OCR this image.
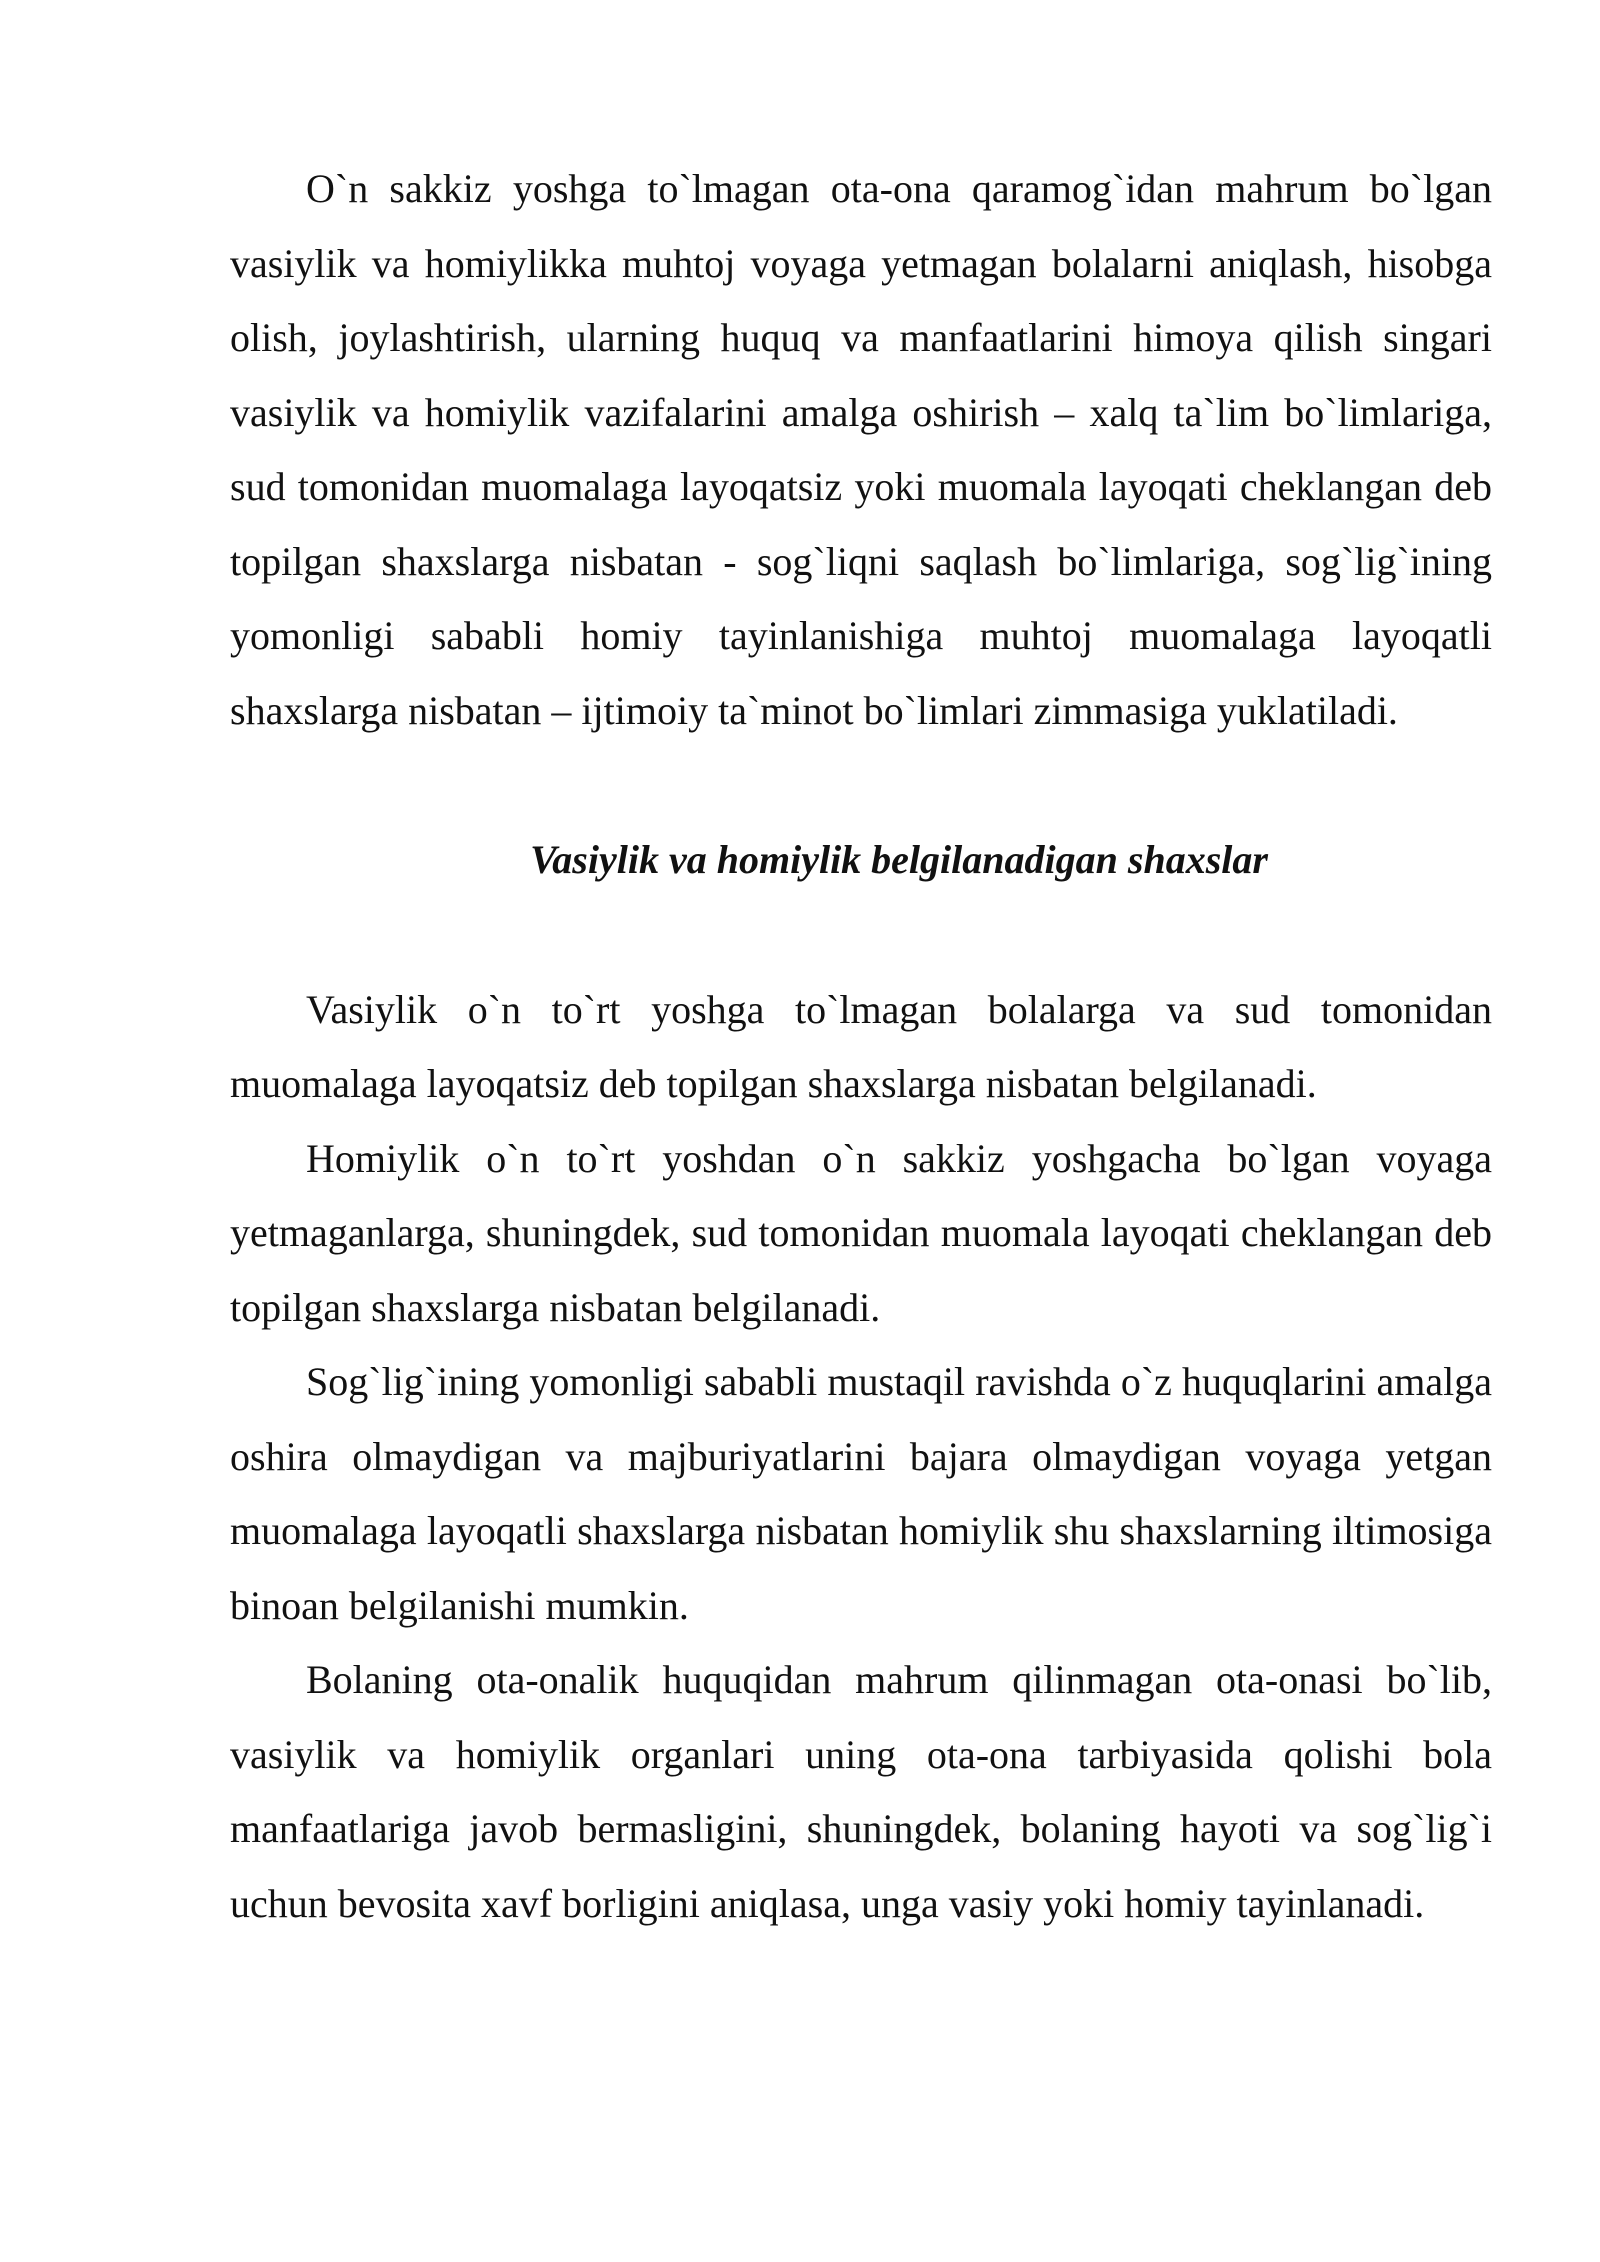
O`n sakkiz yoshga to`lmagan ota-ona qaramog`idan mahrum bo`lgan vasiylik va homiylikka muhtoj voyaga yetmagan bolalarni aniqlash, hisobga olish, joylashtirish, ularning huquq va manfaatlarini himoya qilish singari vasiylik va homiylik vazifalarini amalga oshirish – xalq ta`lim bo`limlariga, sud tomonidan muomalaga layoqatsiz yoki muomala layoqati cheklangan deb topilgan shaxslarga nisbatan - sog`liqni saqlash bo`limlariga, sog`lig`ining yomonligi sababli homiy tayinlanishiga muhtoj muomalaga layoqatli shaxslarga nisbatan – ijtimoiy ta`minot bo`limlari zimmasiga yuklatiladi.

Vasiylik va homiylik belgilanadigan shaxslar

Vasiylik o`n to`rt yoshga to`lmagan bolalarga va sud tomonidan muomalaga layoqatsiz deb topilgan shaxslarga nisbatan belgilanadi.

Homiylik o`n to`rt yoshdan o`n sakkiz yoshgacha bo`lgan voyaga yetmaganlarga, shuningdek, sud tomonidan muomala layoqati cheklangan deb topilgan shaxslarga nisbatan belgilanadi.

Sog`lig`ining yomonligi sababli mustaqil ravishda o`z huquqlarini amalga oshira olmaydigan va majburiyatlarini bajara olmaydigan voyaga yetgan muomalaga layoqatli shaxslarga nisbatan homiylik shu shaxslarning iltimosiga binoan belgilanishi mumkin.

Bolaning ota-onalik huquqidan mahrum qilinmagan ota-onasi bo`lib, vasiylik va homiylik organlari uning ota-ona tarbiyasida qolishi bola manfaatlariga javob bermasligini, shuningdek, bolaning hayoti va sog`lig`i uchun bevosita xavf borligini aniqlasa, unga vasiy yoki homiy tayinlanadi.
